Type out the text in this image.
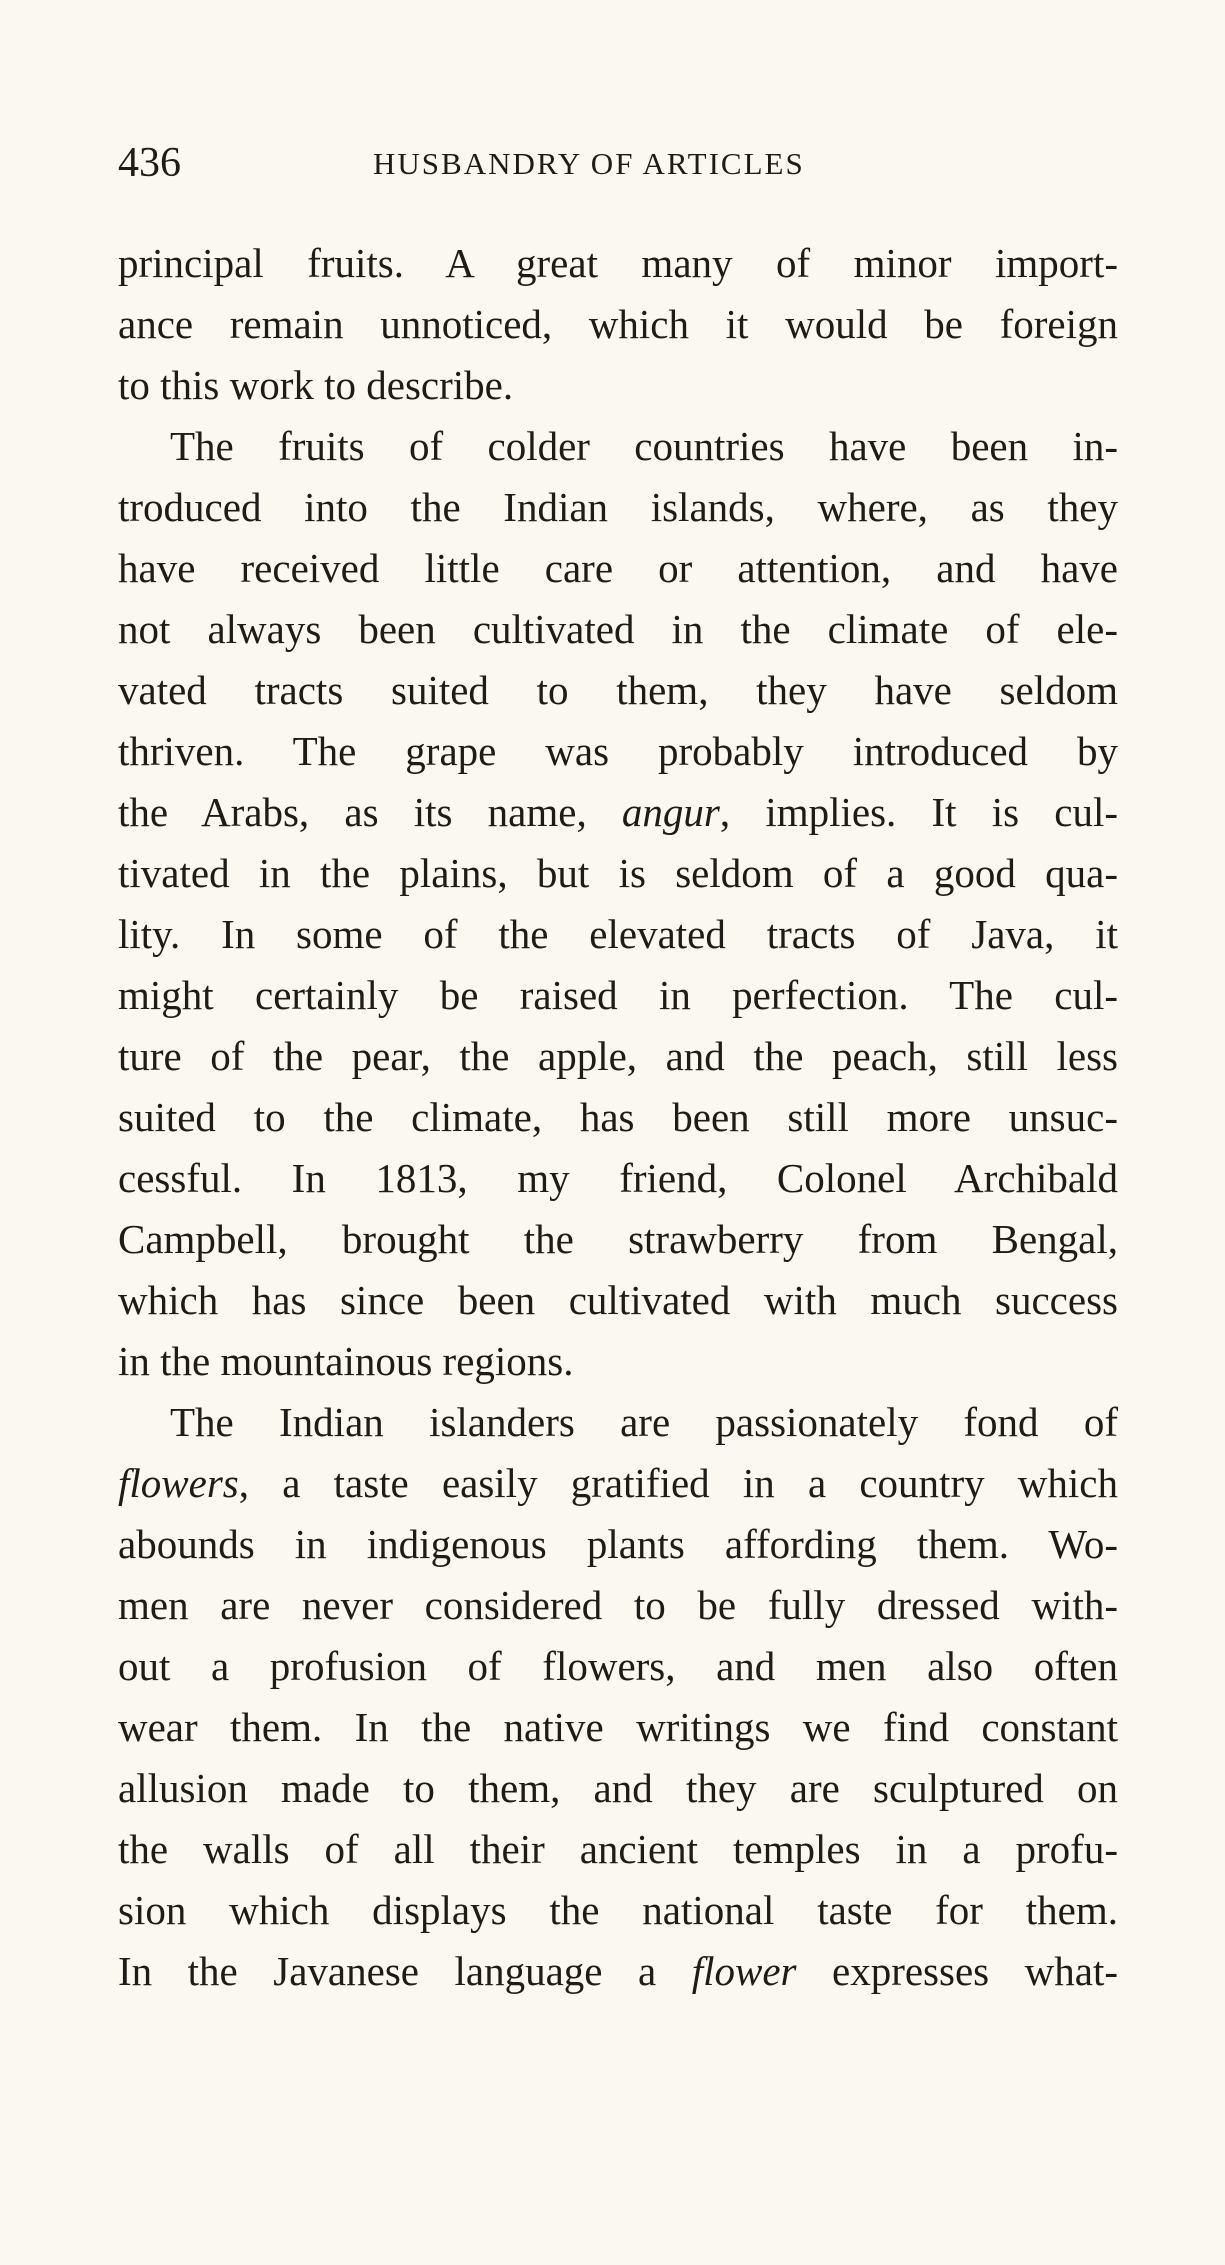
436	HUSBANDRY OF ARTICLES
principal fruits. A great many of minor import-
ance remain unnoticed, which it would be foreign
to this work to describe.
The fruits of colder countries have been in-
troduced into the Indian islands, where, as they
have received little care or attention, and have
not always been cultivated in the climate of ele-
vated tracts suited to them, they have seldom
thriven. The grape was probably introduced by
the Arabs, as its name, angur, implies. It is cul-
tivated in the plains, but is seldom of a good qua-
lity. In some of the elevated tracts of Java, it
might certainly be raised in perfection. The cul-
ture of the pear, the apple, and the peach, still less
suited to the climate, has been still more unsuc-
cessful. In 1813, my friend, Colonel Archibald
Campbell, brought the strawberry from Bengal,
which has since been cultivated with much success
in the mountainous regions.
The Indian islanders are passionately fond of
flowers, a taste easily gratified in a country which
abounds in indigenous plants affording them. Wo-
men are never considered to be fully dressed with-
out a profusion of flowers, and men also often
wear them. In the native writings we find constant
allusion made to them, and they are sculptured on
the walls of all their ancient temples in a profu-
sion which displays the national taste for them.
In the Javanese language a flower expresses what-
